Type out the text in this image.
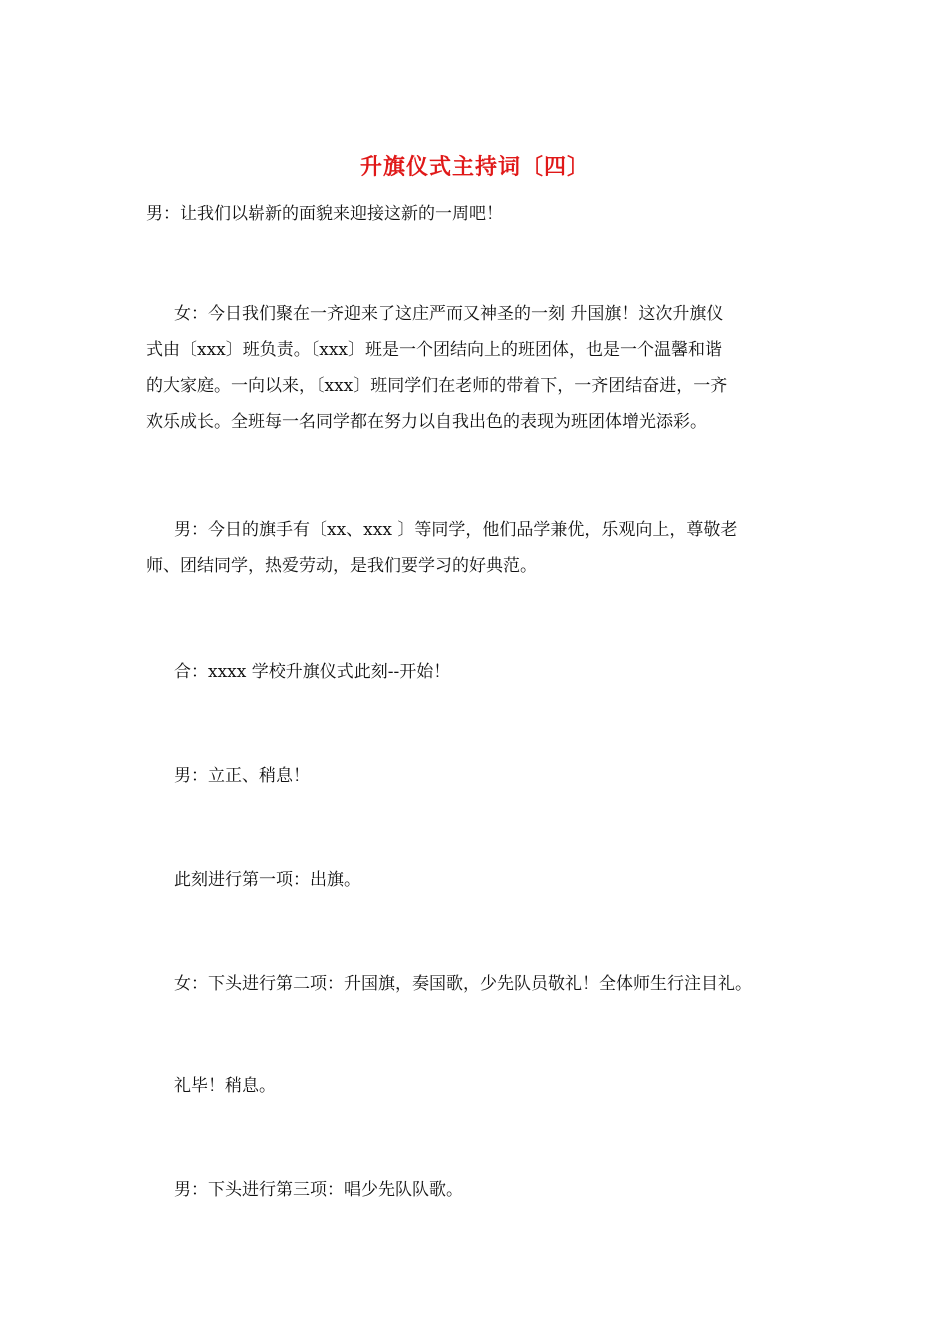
升旗仪式主持词〔四〕

男：让我们以崭新的面貌来迎接这新的一周吧！

女：今日我们聚在一齐迎来了这庄严而又神圣的一刻 升国旗！这次升旗仪
式由〔xxx〕班负责。〔xxx〕班是一个团结向上的班团体，也是一个温馨和谐
的大家庭。一向以来，〔xxx〕班同学们在老师的带着下，一齐团结奋进，一齐
欢乐成长。全班每一名同学都在努力以自我出色的表现为班团体增光添彩。

男：今日的旗手有〔xx、xxx 〕等同学，他们品学兼优，乐观向上，尊敬老
师、团结同学，热爱劳动，是我们要学习的好典范。

合：xxxx 学校升旗仪式此刻--开始！

男：立正、稍息！

此刻进行第一项：出旗。

女：下头进行第二项：升国旗，奏国歌，少先队员敬礼！全体师生行注目礼。

礼毕！稍息。

男：下头进行第三项：唱少先队队歌。
